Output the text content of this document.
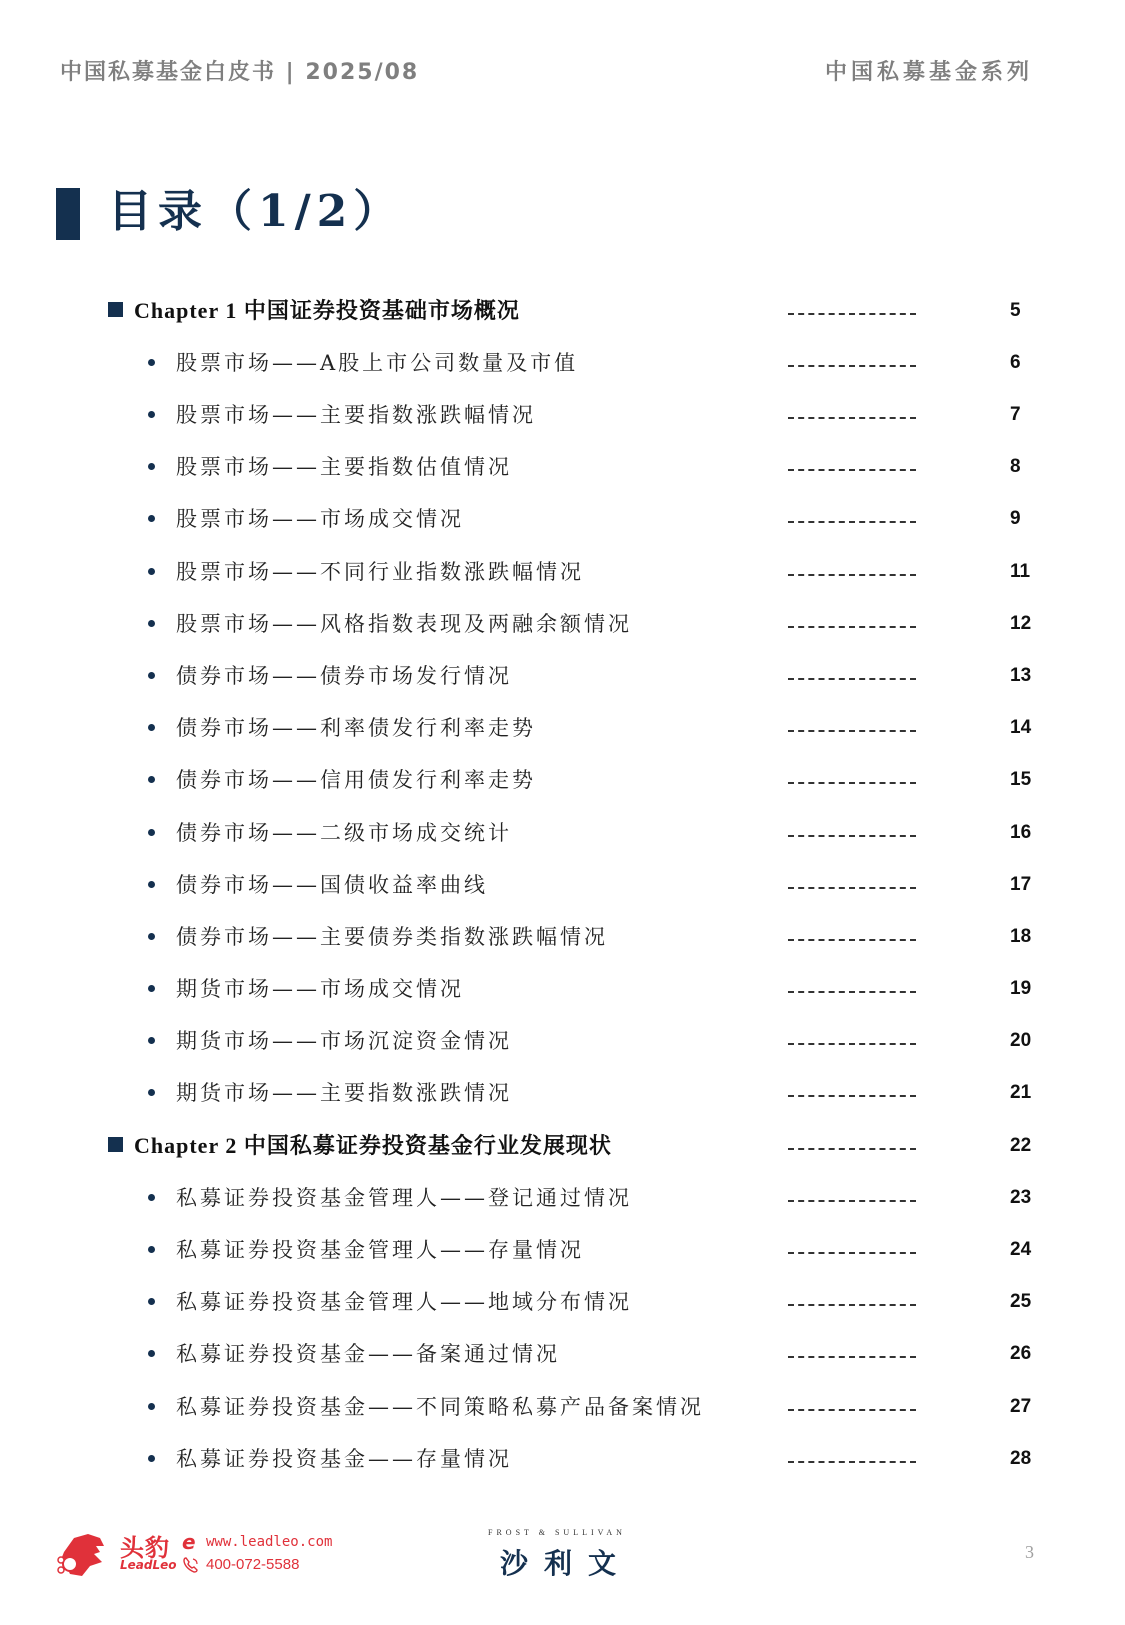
中国私募基金白皮书 | 2025/08	中国私募基金系列
目录（1/2）
Chapter 1 中国证券投资基础市场概况	5
股票市场——A股上市公司数量及市值	6
股票市场——主要指数涨跌幅情况	7
股票市场——主要指数估值情况	8
股票市场——市场成交情况	9
股票市场——不同行业指数涨跌幅情况	11
股票市场——风格指数表现及两融余额情况	12
债券市场——债券市场发行情况	13
债券市场——利率债发行利率走势	14
债券市场——信用债发行利率走势	15
债券市场——二级市场成交统计	16
债券市场——国债收益率曲线	17
债券市场——主要债券类指数涨跌幅情况	18
期货市场——市场成交情况	19
期货市场——市场沉淀资金情况	20
期货市场——主要指数涨跌情况	21
Chapter 2 中国私募证券投资基金行业发展现状	22
私募证券投资基金管理人——登记通过情况	23
私募证券投资基金管理人——存量情况	24
私募证券投资基金管理人——地域分布情况	25
私募证券投资基金——备案通过情况	26
私募证券投资基金——不同策略私募产品备案情况	27
私募证券投资基金——存量情况	28
头豹
LeadLeo
e www.leadleo.com
400-072-5588
FROST & SULLIVAN
沙利文	3
